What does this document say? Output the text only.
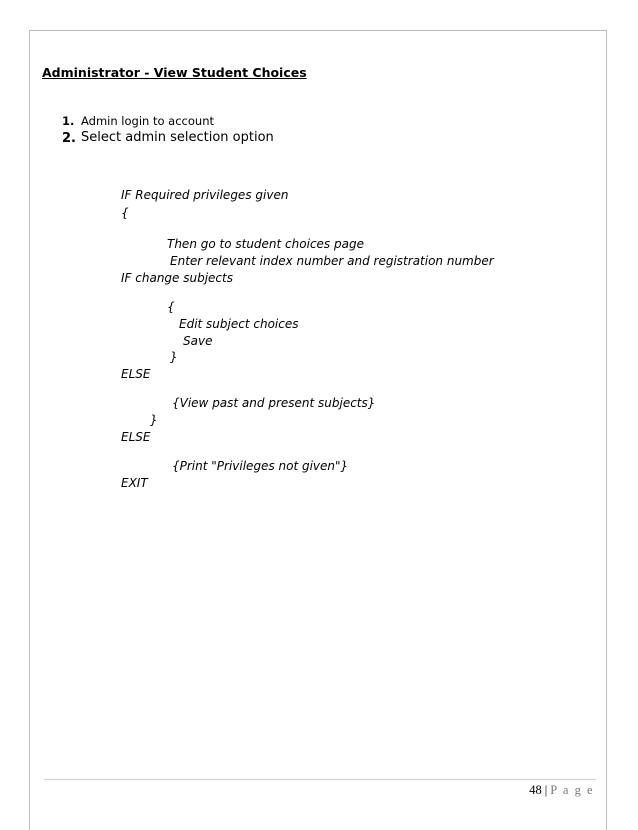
Administrator - View Student Choices
1. Admin login to account
2. Select admin selection option
IF Required privileges given
{
Then go to student choices page
Enter relevant index number and registration number
IF change subjects
{
Edit subject choices
Save
}
ELSE
{View past and present subjects}
}
ELSE
{Print "Privileges not given"}
EXIT
48 | P a g e
